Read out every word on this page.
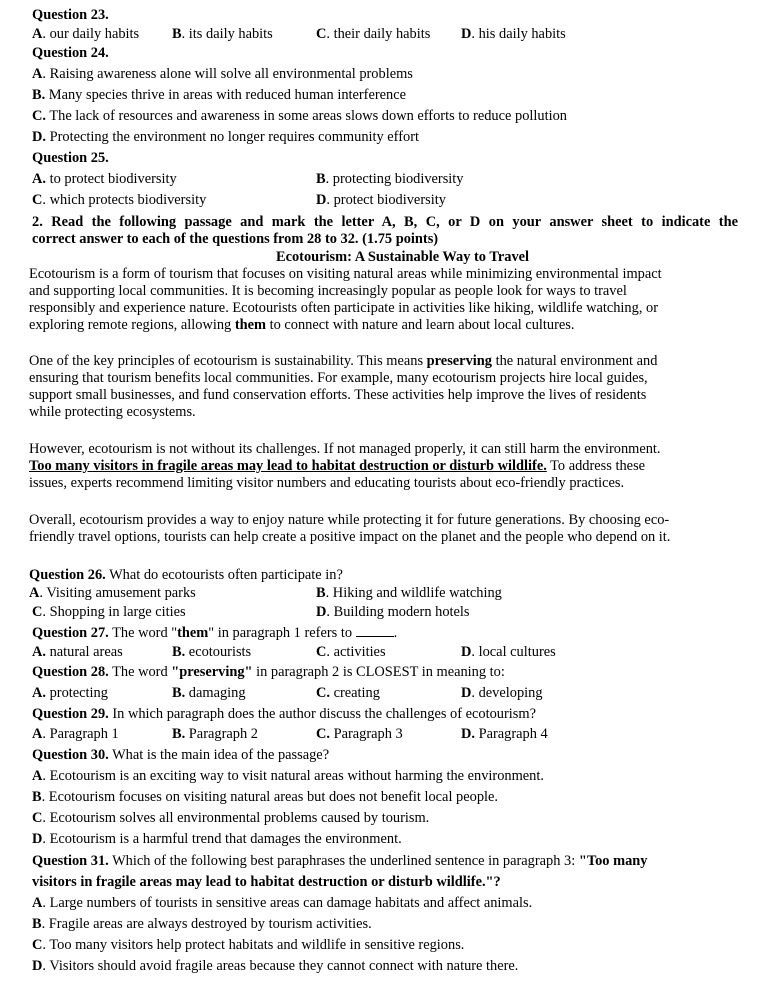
Question 23.
A. our daily habits B. its daily habits	C. their daily habits D. his daily habits
Question 24.
A. Raising awareness alone will solve all environmental problems
B. Many species thrive in areas with reduced human interference
C. The lack of resources and awareness in some areas slows down efforts to reduce pollution
D. Protecting the environment no longer requires community effort
Question 25.
A. to protect biodiversity	B. protecting biodiversity
C. which protects biodiversity	D. protect biodiversity
2. Read the following passage and mark the letter A, B, C, or D on your answer sheet to indicate the
correct answer to each of the questions from 28 to 32. (1.75 points)
Ecotourism: A Sustainable Way to Travel
Ecotourism is a form of tourism that focuses on visiting natural areas while minimizing environmental impact
and supporting local communities. It is becoming increasingly popular as people look for ways to travel
responsibly and experience nature. Ecotourists often participate in activities like hiking, wildlife watching, or
exploring remote regions, allowing them to connect with nature and learn about local cultures.
One of the key principles of ecotourism is sustainability. This means preserving the natural environment and
ensuring that tourism benefits local communities. For example, many ecotourism projects hire local guides,
support small businesses, and fund conservation efforts. These activities help improve the lives of residents
while protecting ecosystems.
However, ecotourism is not without its challenges. If not managed properly, it can still harm the environment.
Too many visitors in fragile areas may lead to habitat destruction or disturb wildlife. To address these
issues, experts recommend limiting visitor numbers and educating tourists about eco-friendly practices.
Overall, ecotourism provides a way to enjoy nature while protecting it for future generations. By choosing eco-
friendly travel options, tourists can help create a positive impact on the planet and the people who depend on it.
Question 26. What do ecotourists often participate in?
A. Visiting amusement parks	B. Hiking and wildlife watching
C. Shopping in large cities	D. Building modern hotels
Question 27. The word "them" in paragraph 1 refers to	.
A. natural areas	B. ecotourists	C. activities	D. local cultures
Question 28. The word "preserving" in paragraph 2 is CLOSEST in meaning to:
A. protecting	B. damaging	C. creating	D. developing
Question 29. In which paragraph does the author discuss the challenges of ecotourism?
A. Paragraph 1	B. Paragraph 2	C. Paragraph 3	D. Paragraph 4
Question 30. What is the main idea of the passage?
A. Ecotourism is an exciting way to visit natural areas without harming the environment.
B. Ecotourism focuses on visiting natural areas but does not benefit local people.
C. Ecotourism solves all environmental problems caused by tourism.
D. Ecotourism is a harmful trend that damages the environment.
Question 31. Which of the following best paraphrases the underlined sentence in paragraph 3: "Too many
visitors in fragile areas may lead to habitat destruction or disturb wildlife."?
A. Large numbers of tourists in sensitive areas can damage habitats and affect animals.
B. Fragile areas are always destroyed by tourism activities.
C. Too many visitors help protect habitats and wildlife in sensitive regions.
D. Visitors should avoid fragile areas because they cannot connect with nature there.
